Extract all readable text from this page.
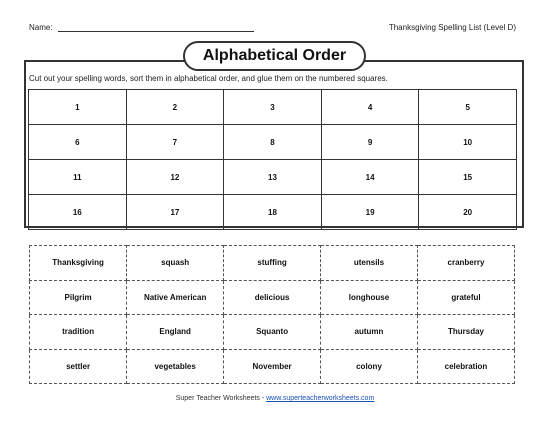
Name:	Thanksgiving Spelling List (Level D)
Alphabetical Order
Cut out your spelling words, sort them in alphabetical order, and glue them on the numbered squares.
1	2	3	4	5
6	7	8	9	10
11	12	13	14	15
16	17	18	19	20
Thanksgiving	squash	stuffing	utensils	cranberry
Pilgrim	Native American	delicious	longhouse	grateful
tradition	England	Squanto	autumn	Thursday
settler	vegetables	November	colony	celebration
Super Teacher Worksheets - www.superteacherworksheets.com
